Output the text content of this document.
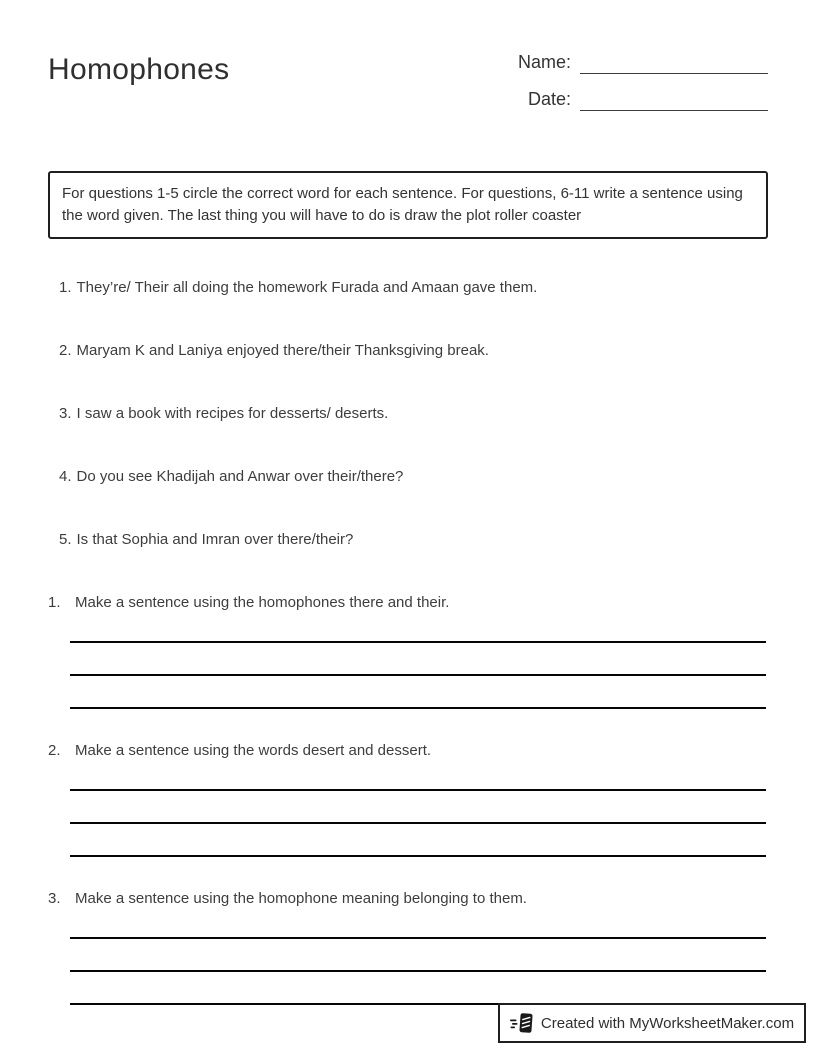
Homophones	Name:
Date:
For questions 1-5 circle the correct word for each sentence. For questions, 6-11 write a sentence using the word given. The last thing you will have to do is draw the plot roller coaster
1. They’re/ Their all doing the homework Furada and Amaan gave them.
2. Maryam K and Laniya enjoyed there/their Thanksgiving break.
3. I saw a book with recipes for desserts/ deserts.
4. Do you see Khadijah and Anwar over their/there?
5. Is that Sophia and Imran over there/their?
1. Make a sentence using the homophones there and their.
2. Make a sentence using the words desert and dessert.
3. Make a sentence using the homophone meaning belonging to them.
Created with MyWorksheetMaker.com
